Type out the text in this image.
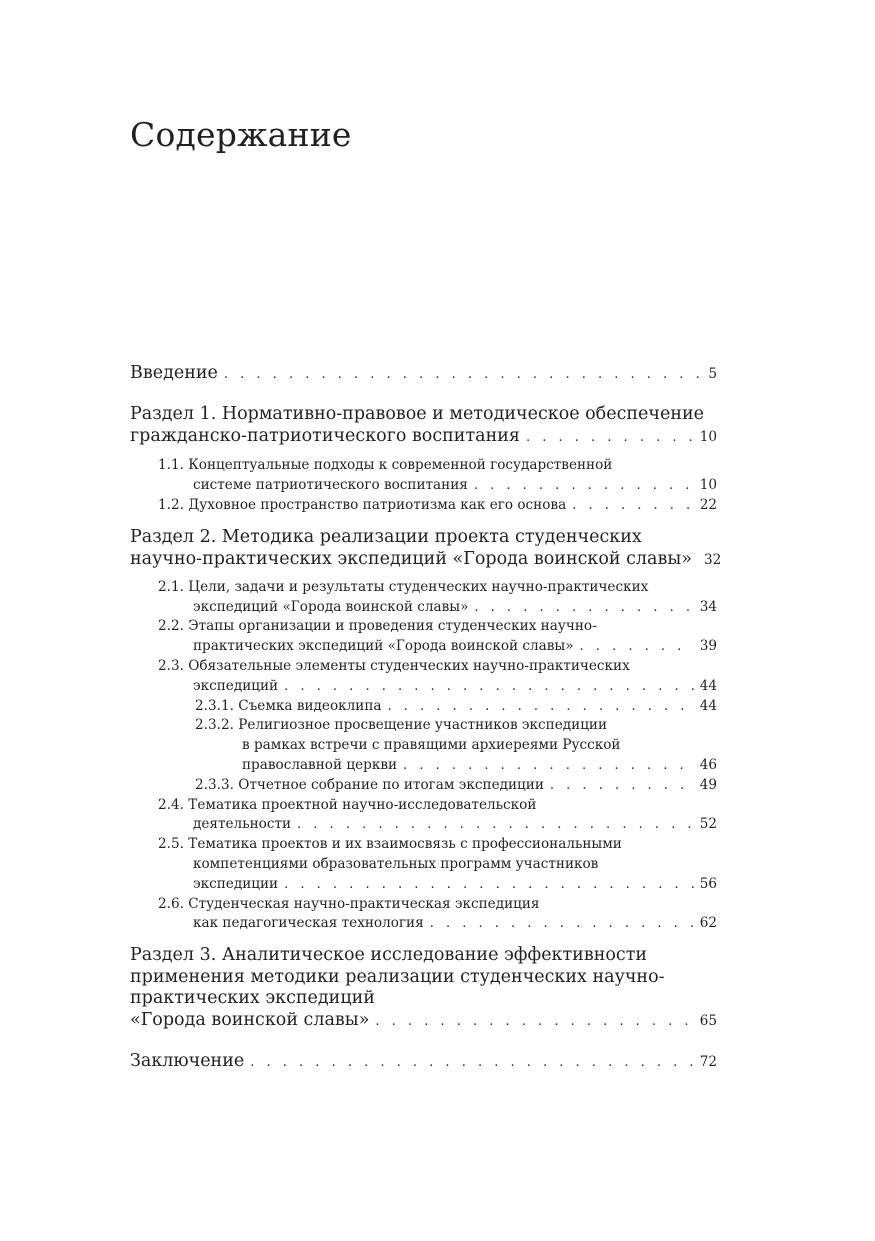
Содержание
Введение . . .	5
Раздел 1. Нормативно-правовое и методическое обеспечение
гражданско-патриотического воспитания . . .	10
1.1. Концептуальные подходы к современной государственной
системе патриотического воспитания . . .	10
1.2. Духовное пространство патриотизма как его основа . . .	22
Раздел 2. Методика реализации проекта студенческих
научно-практических экспедиций «Города воинской славы» 32
2.1. Цели, задачи и результаты студенческих научно-практических
экспедиций «Города воинской славы» . . .	34
2.2. Этапы организации и проведения студенческих научно-
практических экспедиций «Города воинской славы» . . .	39
2.3. Обязательные элементы студенческих научно-практических
экспедиций . . .	44
2.3.1. Съемка видеоклипа . . .	44
2.3.2. Религиозное просвещение участников экспедиции
в рамках встречи с правящими архиереями Русской
православной церкви . . .	46
2.3.3. Отчетное собрание по итогам экспедиции . . .	49
2.4. Тематика проектной научно-исследовательской
деятельности . . .	52
2.5. Тематика проектов и их взаимосвязь с профессиональными
компетенциями образовательных программ участников
экспедиции . . .	56
2.6. Студенческая научно-практическая экспедиция
как педагогическая технология . . .	62
Раздел 3. Аналитическое исследование эффективности
применения методики реализации студенческих научно-
практических экспедиций
«Города воинской славы» . . .	65
Заключение . . .	72
